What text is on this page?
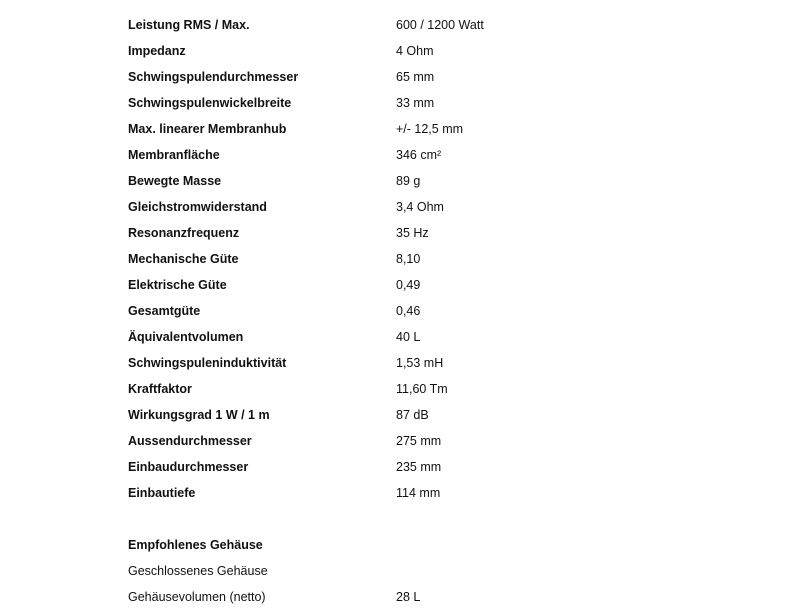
Leistung RMS / Max.	600 / 1200 Watt
Impedanz	4 Ohm
Schwingspulendurchmesser	65 mm
Schwingspulenwickelbreite	33 mm
Max. linearer Membranhub	+/- 12,5 mm
Membranfläche	346 cm²
Bewegte Masse	89 g
Gleichstromwiderstand	3,4 Ohm
Resonanzfrequenz	35 Hz
Mechanische Güte	8,10
Elektrische Güte	0,49
Gesamtgüte	0,46
Äquivalentvolumen	40 L
Schwingspuleninduktivität	1,53 mH
Kraftfaktor	11,60 Tm
Wirkungsgrad 1 W / 1 m	87 dB
Aussendurchmesser	275 mm
Einbaudurchmesser	235 mm
Einbautiefe	114 mm

Empfohlenes Gehäuse	
Geschlossenes Gehäuse	
Gehäusevolumen (netto)	28 L
